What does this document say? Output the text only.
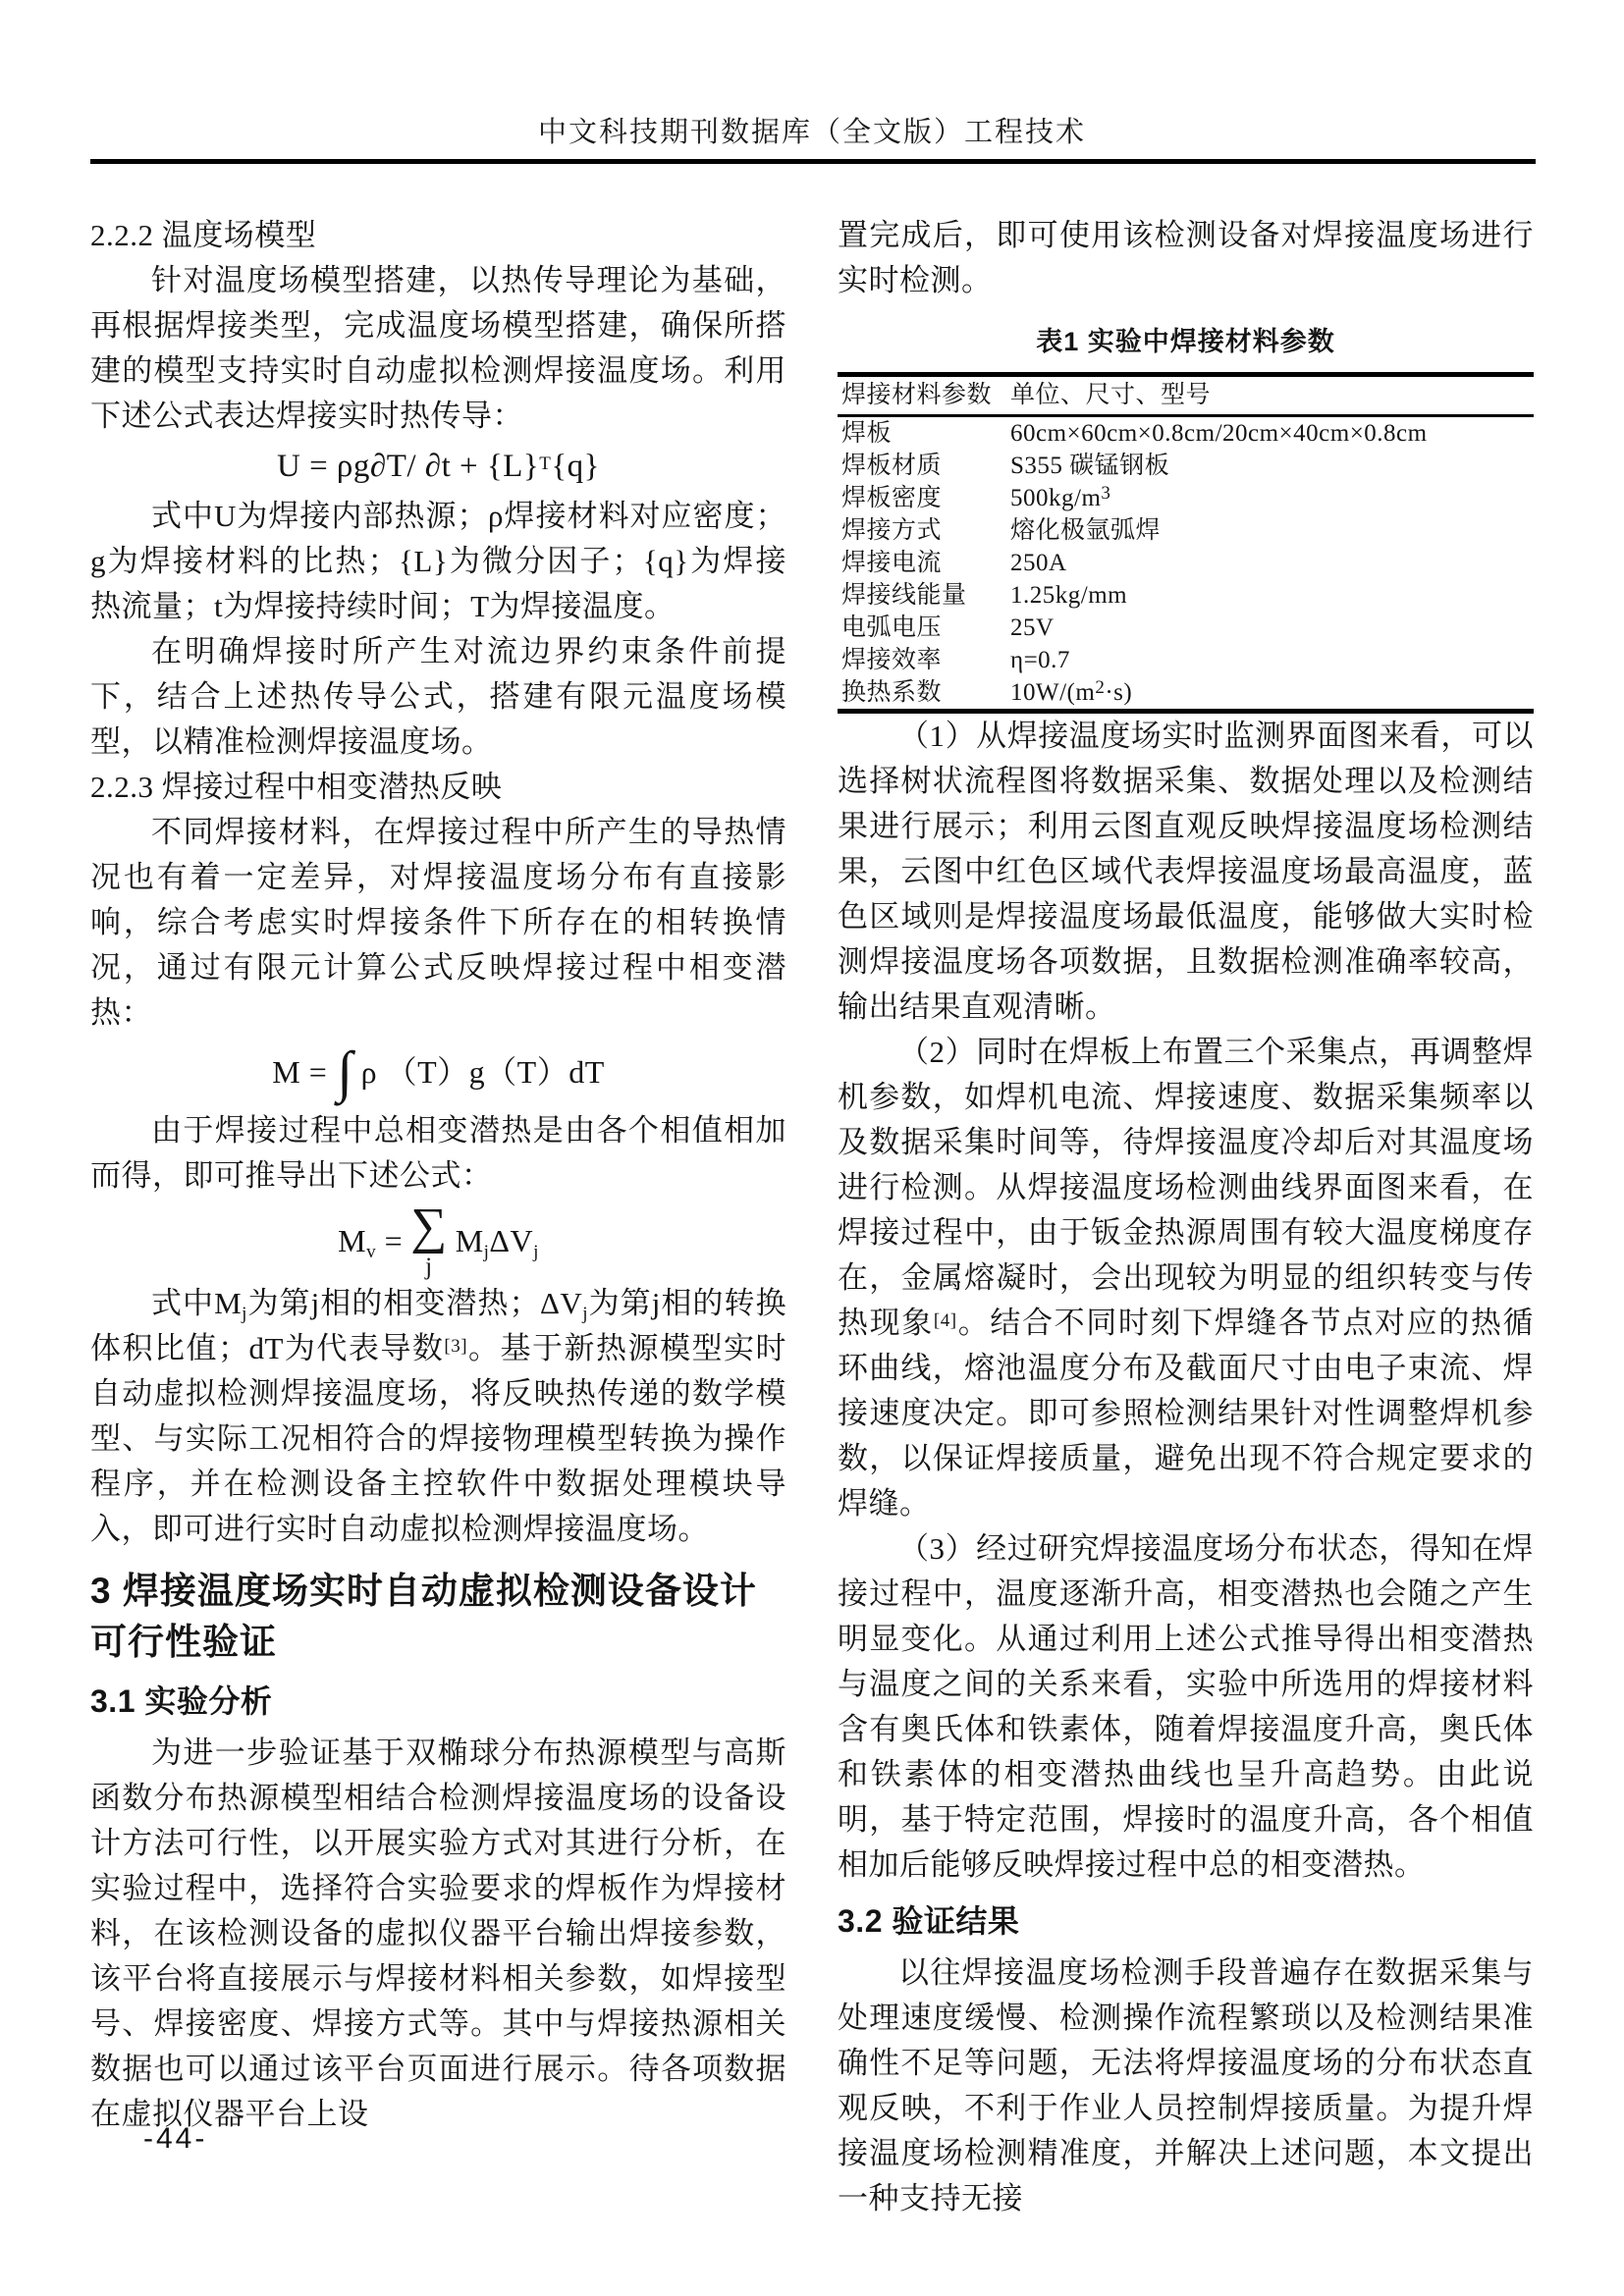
中文科技期刊数据库（全文版）工程技术

2.2.2 温度场模型

针对温度场模型搭建，以热传导理论为基础，再根据焊接类型，完成温度场模型搭建，确保所搭建的模型支持实时自动虚拟检测焊接温度场。利用下述公式表达焊接实时热传导：

U = ρg∂T/ $\partial t + \{L\}^T\{q\}$

式中U为焊接内部热源；ρ焊接材料对应密度；g为焊接材料的比热；{L}为微分因子；{q}为焊接热流量；t为焊接持续时间；T为焊接温度。

在明确焊接时所产生对流边界约束条件前提下，结合上述热传导公式，搭建有限元温度场模型，以精准检测焊接温度场。

2.2.3 焊接过程中相变潜热反映

不同焊接材料，在焊接过程中所产生的导热情况也有着一定差异，对焊接温度场分布有直接影响，综合考虑实时焊接条件下所存在的相转换情况，通过有限元计算公式反映焊接过程中相变潜热：

M = ∫ ρ （T）g（T）dT

由于焊接过程中总相变潜热是由各个相值相加而得，即可推导出下述公式：

$M_v$ = ∑
j
$M_j\Delta V_j$

式中$M_j$为第j相的相变潜热；$\Delta V_j$为第j相的转换体积比值；dT为代表导数[3]。基于新热源模型实时自动虚拟检测焊接温度场，将反映热传递的数学模型、与实际工况相符合的焊接物理模型转换为操作程序，并在检测设备主控软件中数据处理模块导入，即可进行实时自动虚拟检测焊接温度场。

3 焊接温度场实时自动虚拟检测设备设计可行性验证
3.1 实验分析

为进一步验证基于双椭球分布热源模型与高斯函数分布热源模型相结合检测焊接温度场的设备设计方法可行性，以开展实验方式对其进行分析，在实验过程中，选择符合实验要求的焊板作为焊接材料，在该检测设备的虚拟仪器平台输出焊接参数，该平台将直接展示与焊接材料相关参数，如焊接型号、焊接密度、焊接方式等。其中与焊接热源相关数据也可以通过该平台页面进行展示。待各项数据在虚拟仪器平台上设

置完成后，即可使用该检测设备对焊接温度场进行实时检测。

表1 实验中焊接材料参数
焊接材料参数	单位、尺寸、型号
焊板	60cm×60cm×0.8cm/20cm×40cm×0.8cm
焊板材质	S355 碳锰钢板
焊板密度	$500kg/m^3$
焊接方式	熔化极氩弧焊
焊接电流	250A
焊接线能量	1.25kg/mm
电弧电压	25V
焊接效率	η=0.7
换热系数	$10W/(m^2\cdot s)$

（1）从焊接温度场实时监测界面图来看，可以选择树状流程图将数据采集、数据处理以及检测结果进行展示；利用云图直观反映焊接温度场检测结果，云图中红色区域代表焊接温度场最高温度，蓝色区域则是焊接温度场最低温度，能够做大实时检测焊接温度场各项数据，且数据检测准确率较高，输出结果直观清晰。

（2）同时在焊板上布置三个采集点，再调整焊机参数，如焊机电流、焊接速度、数据采集频率以及数据采集时间等，待焊接温度冷却后对其温度场进行检测。从焊接温度场检测曲线界面图来看，在焊接过程中，由于钣金热源周围有较大温度梯度存在，金属熔凝时，会出现较为明显的组织转变与传热现象[4]。结合不同时刻下焊缝各节点对应的热循环曲线，熔池温度分布及截面尺寸由电子束流、焊接速度决定。即可参照检测结果针对性调整焊机参数，以保证焊接质量，避免出现不符合规定要求的焊缝。

（3）经过研究焊接温度场分布状态，得知在焊接过程中，温度逐渐升高，相变潜热也会随之产生明显变化。从通过利用上述公式推导得出相变潜热与温度之间的关系来看，实验中所选用的焊接材料含有奥氏体和铁素体，随着焊接温度升高，奥氏体和铁素体的相变潜热曲线也呈升高趋势。由此说明，基于特定范围，焊接时的温度升高，各个相值相加后能够反映焊接过程中总的相变潜热。

3.2 验证结果

以往焊接温度场检测手段普遍存在数据采集与处理速度缓慢、检测操作流程繁琐以及检测结果准确性不足等问题，无法将焊接温度场的分布状态直观反映，不利于作业人员控制焊接质量。为提升焊接温度场检测精准度，并解决上述问题，本文提出一种支持无接

-44-
